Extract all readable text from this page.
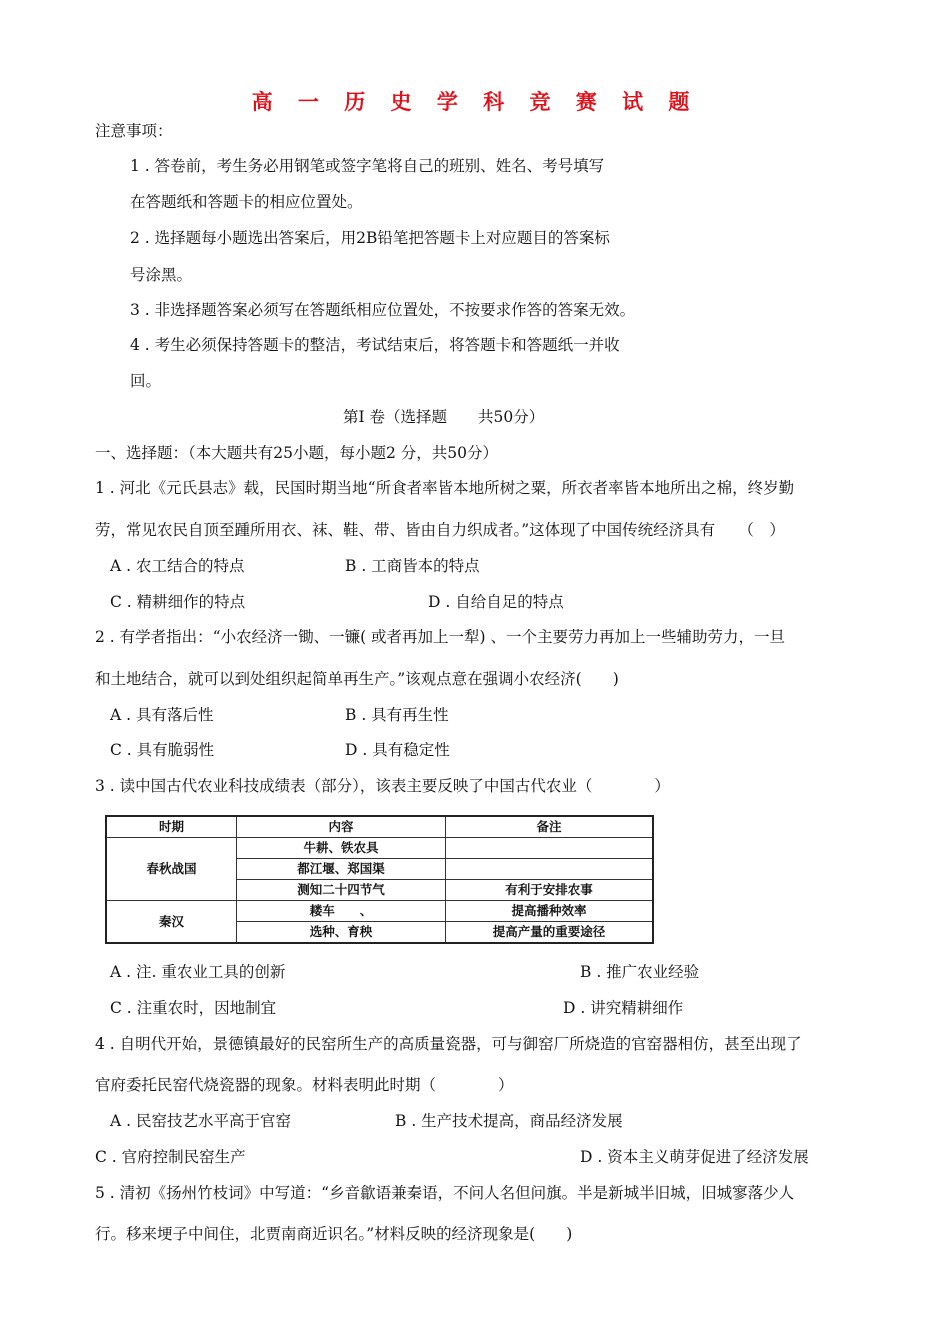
高 一 历 史 学 科 竞 赛 试 题
注意事项：
1 . 答卷前，考生务必用钢笔或签字笔将自己的班别、姓名、考号填写
在答题纸和答题卡的相应位置处。
2 . 选择题每小题选出答案后，用2B铅笔把答题卡上对应题目的答案标
号涂黑。
3 . 非选择题答案必须写在答题纸相应位置处，不按要求作答的答案无效。
4 . 考生必须保持答题卡的整洁，考试结束后，将答题卡和答题纸一并收
回。
第I 卷（选择题　　共50分）
一、选择题：（本大题共有25小题，每小题2 分，共50分）
1 . 河北《元氏县志》载，民国时期当地“所食者率皆本地所树之粟，所衣者率皆本地所出之棉，终岁勤
劳，常见农民自顶至踵所用衣、袜、鞋、带、皆由自力织成者。”这体现了中国传统经济具有　　（　）
A . 农工结合的特点	B . 工商皆本的特点
C . 精耕细作的特点	D . 自给自足的特点
2 . 有学者指出：“小农经济一锄、一镰( 或者再加上一犁) 、一个主要劳力再加上一些辅助劳力，一旦
和土地结合，就可以到处组织起简单再生产。”该观点意在强调小农经济(　　)
A . 具有落后性	B . 具有再生性
C . 具有脆弱性	D . 具有稳定性
3 . 读中国古代农业科技成绩表（部分），该表主要反映了中国古代农业（　　　　）
时期	内容	备注
春秋战国	牛耕、铁农具	
	都江堰、郑国渠	
	测知二十四节气	有利于安排农事
秦汉	耧车　　、	提高播种效率
	选种、育秧	提高产量的重要途径
A . 注. 重农业工具的创新	B . 推广农业经验
C . 注重农时，因地制宜	D . 讲究精耕细作
4 . 自明代开始，景德镇最好的民窑所生产的高质量瓷器，可与御窑厂所烧造的官窑器相仿，甚至出现了
官府委托民窑代烧瓷器的现象。材料表明此时期（　　　　）
A . 民窑技艺水平高于官窑	B . 生产技术提高，商品经济发展
C . 官府控制民窑生产	D . 资本主义萌芽促进了经济发展
5 . 清初《扬州竹枝词》中写道：“乡音歙语兼秦语，不问人名但问旗。半是新城半旧城，旧城寥落少人
行。移来埂子中间住，北贾南商近识名。”材料反映的经济现象是(　　)
